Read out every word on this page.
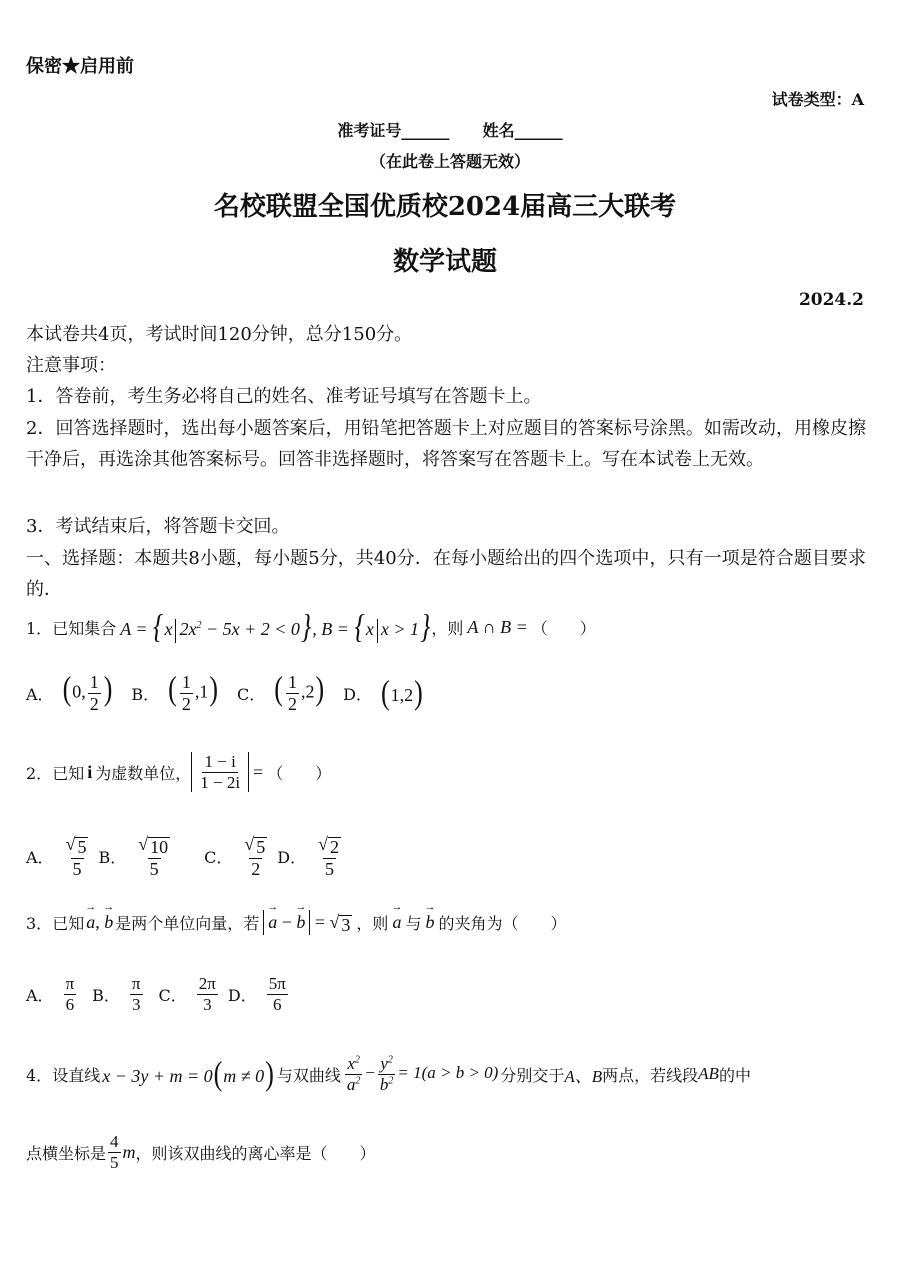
保密★启用前
试卷类型：A
准考证号______ 姓名______
（在此卷上答题无效）
名校联盟全国优质校2024届高三大联考
数学试题
2024.2
本试卷共4页，考试时间120分钟，总分150分。
注意事项：
1．答卷前，考生务必将自己的姓名、准考证号填写在答题卡上。
2．回答选择题时，选出每小题答案后，用铅笔把答题卡上对应题目的答案标号涂黑。如需改动，用橡皮擦干净后，再选涂其他答案标号。回答非选择题时，将答案写在答题卡上。写在本试卷上无效。
3．考试结束后，将答题卡交回。
一、选择题：本题共8小题，每小题5分，共40分．在每小题给出的四个选项中，只有一项是符合题目要求的．
1． 已知集合 A = {x $2x^2 - 5x + 2 < 0$}, B = {x x > 1} ，则 A ∩ B = （　　）
A． (0, $\frac{1}{2}$ ) B． ( $\frac{1}{2} ,1$) C． ( $\frac{1}{2} ,2$) D． (1,2)
2． 已知 i 为虚数单位， $\frac{1 - i}{1 - 2i}$ = （　　）
A． $\frac{√ 5}{5}$ B． $\frac{√ 10}{5}$ C． $\frac{√ 5}{2}$ D． $\frac{√ 2}{5}$
3． 已知 → a, → b 是两个单位向量，若 → a − → b = √ 3 ，则 → a 与 → b 的夹角为 （　　）
A． $\frac{\pi}{6}$ B． $\frac{\pi}{3}$ C． $\frac{2\pi}{3}$ D． $\frac{5\pi}{6}$
4． 设直线 x − 3y + m = 0(m ≠ 0) 与双曲线 $\frac{x^2}{a^2} - \frac{y^2}{b^2} = 1(a > b > 0)$ 分别交于 A、B 两点，若线段 AB 的中
点横坐标是 $\frac{4}{5}$ m ，则该双曲线的离心率是 （　　）
